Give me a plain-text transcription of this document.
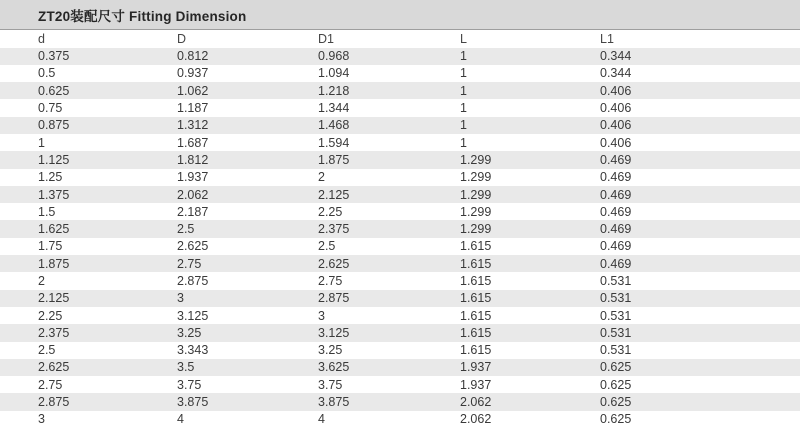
ZT20装配尺寸 Fitting Dimension
d	D	D1	L	L1
0.375	0.812	0.968	1	0.344
0.5	0.937	1.094	1	0.344
0.625	1.062	1.218	1	0.406
0.75	1.187	1.344	1	0.406
0.875	1.312	1.468	1	0.406
1	1.687	1.594	1	0.406
1.125	1.812	1.875	1.299	0.469
1.25	1.937	2	1.299	0.469
1.375	2.062	2.125	1.299	0.469
1.5	2.187	2.25	1.299	0.469
1.625	2.5	2.375	1.299	0.469
1.75	2.625	2.5	1.615	0.469
1.875	2.75	2.625	1.615	0.469
2	2.875	2.75	1.615	0.531
2.125	3	2.875	1.615	0.531
2.25	3.125	3	1.615	0.531
2.375	3.25	3.125	1.615	0.531
2.5	3.343	3.25	1.615	0.531
2.625	3.5	3.625	1.937	0.625
2.75	3.75	3.75	1.937	0.625
2.875	3.875	3.875	2.062	0.625
3	4	4	2.062	0.625
